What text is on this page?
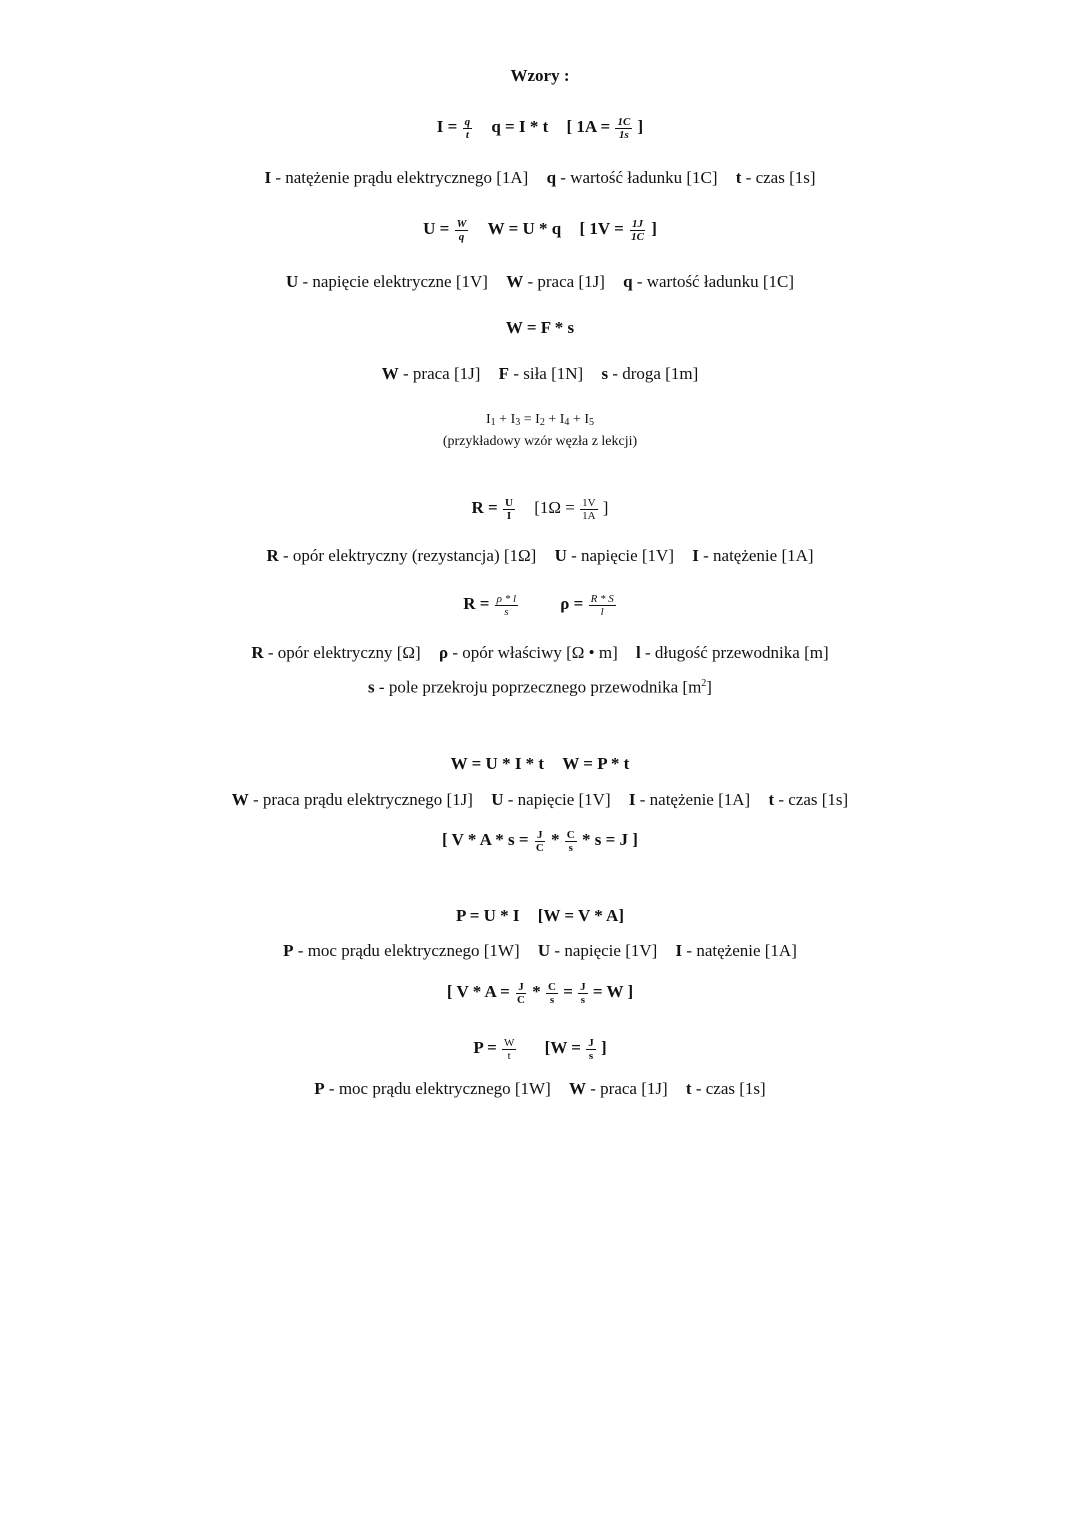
Wzory :
$I = \frac{q}{t}$ q = I * t [ $1A = \frac{1C}{1s}$ ]
I - natężenie prądu elektrycznego [1A] q - wartość ładunku [1C] t - czas [1s]
$U = \frac{W}{q}$ W = U * q [ $1V = \frac{1J}{1C}$ ]
U - napięcie elektryczne [1V] W - praca [1J] q - wartość ładunku [1C]
W = F * s
W - praca [1J] F - siła [1N] s - droga [1m]
$I_1 + I_3 = I_2 + I_4 + I_5$
(przykładowy wzór węzła z lekcji)
$R = \frac{U}{I} [1\Omega = \frac{1V}{1A}$ ]
R - opór elektryczny (rezystancja) [1Ω] U - napięcie [1V] I - natężenie [1A]
$R = \frac{\rho * l}{s}$ $\rho = \frac{R * S}{l}$
R - opór elektryczny [Ω] ρ - opór właściwy [Ω • m] l - długość przewodnika [m]
s - pole przekroju poprzecznego przewodnika $[m^2]$
W = U * I * t W = P * t
W - praca prądu elektrycznego [1J] U - napięcie [1V] I - natężenie [1A] t - czas [1s]
[ $V * A * s = \frac{J}{C} * \frac{C}{s} * s = J$ ]
P = U * I [W = V * A]
P - moc prądu elektrycznego [1W] U - napięcie [1V] I - natężenie [1A]
[ $V * A = \frac{J}{C} * \frac{C}{s} = \frac{J}{s} = W$ ]
$P = \frac{W}{t} [W = \frac{J}{s}$ ]
P - moc prądu elektrycznego [1W] W - praca [1J] t - czas [1s]
